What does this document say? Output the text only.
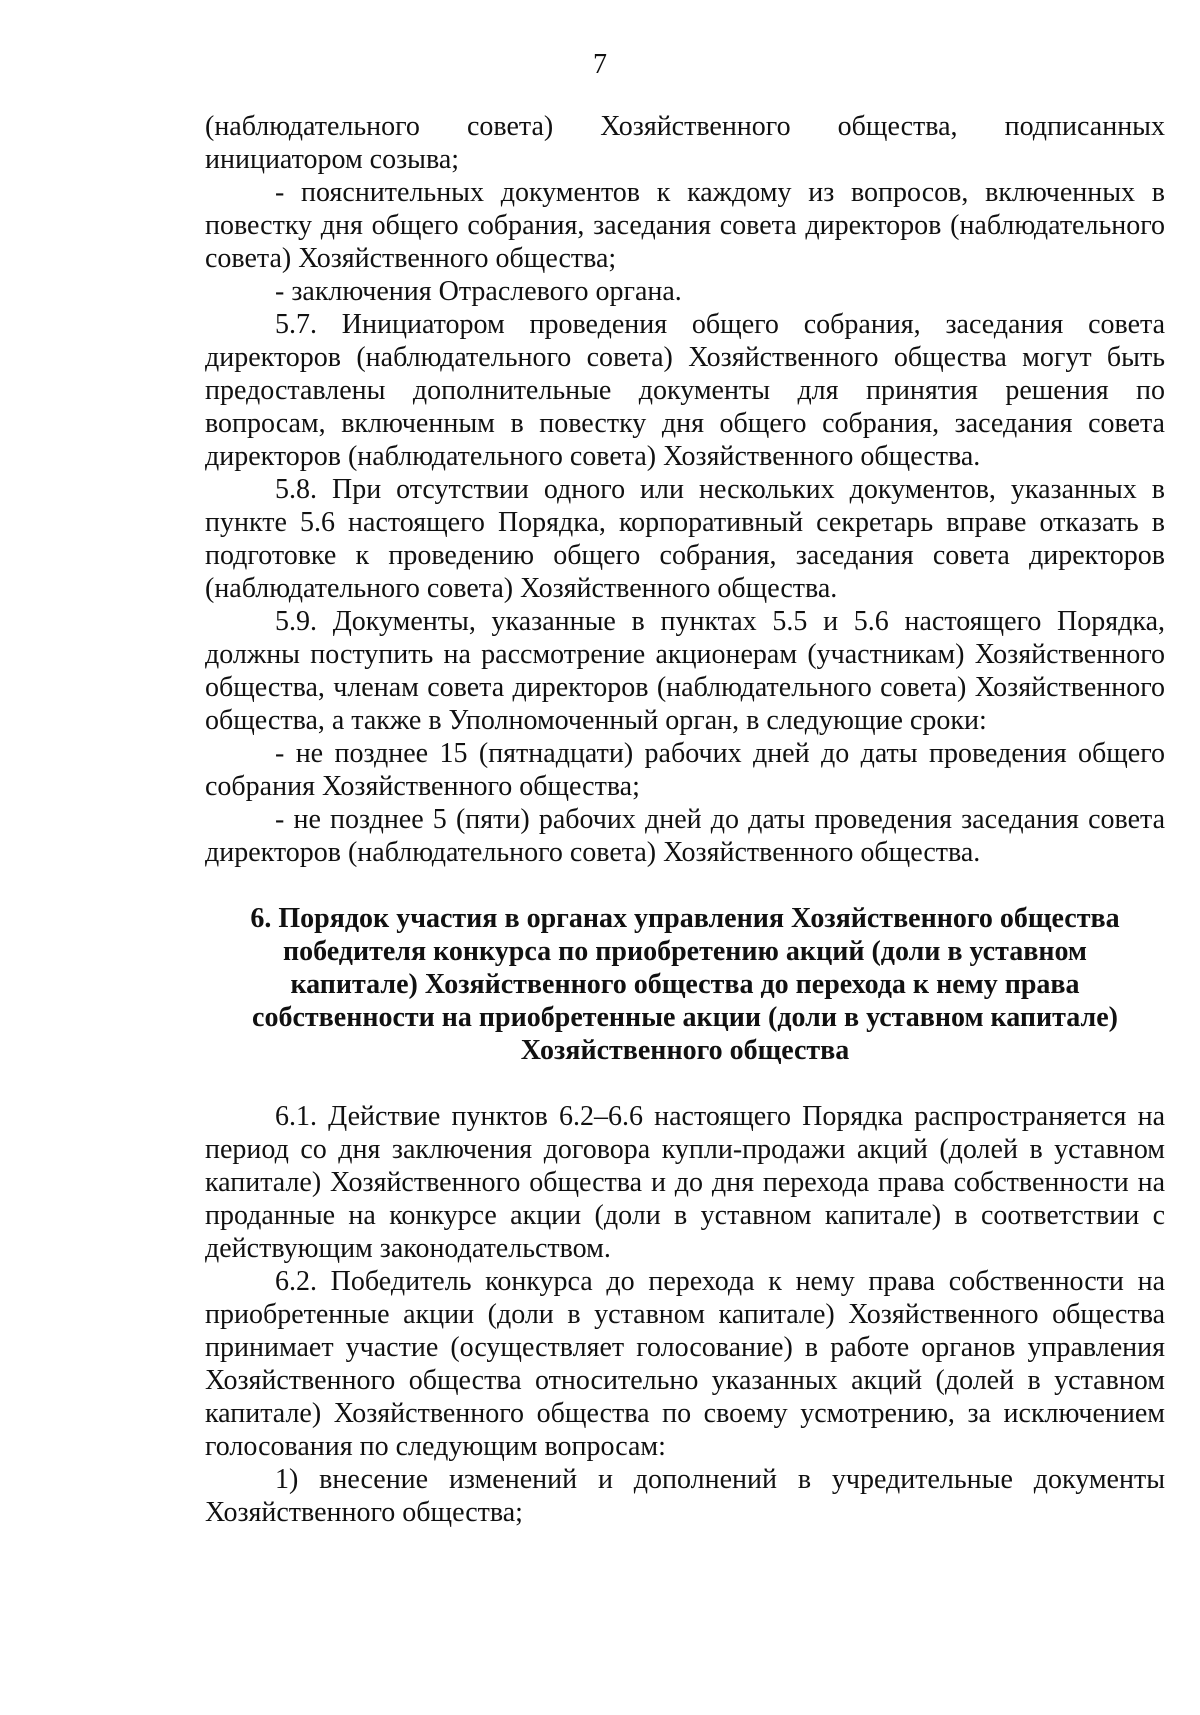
7

(наблюдательного совета) Хозяйственного общества, подписанных инициатором созыва;

- пояснительных документов к каждому из вопросов, включенных в повестку дня общего собрания, заседания совета директоров (наблюдательного совета) Хозяйственного общества;

- заключения Отраслевого органа.

5.7. Инициатором проведения общего собрания, заседания совета директоров (наблюдательного совета) Хозяйственного общества могут быть предоставлены дополнительные документы для принятия решения по вопросам, включенным в повестку дня общего собрания, заседания совета директоров (наблюдательного совета) Хозяйственного общества.

5.8. При отсутствии одного или нескольких документов, указанных в пункте 5.6 настоящего Порядка, корпоративный секретарь вправе отказать в подготовке к проведению общего собрания, заседания совета директоров (наблюдательного совета) Хозяйственного общества.

5.9. Документы, указанные в пунктах 5.5 и 5.6 настоящего Порядка, должны поступить на рассмотрение акционерам (участникам) Хозяйственного общества, членам совета директоров (наблюдательного совета) Хозяйственного общества, а также в Уполномоченный орган, в следующие сроки:

- не позднее 15 (пятнадцати) рабочих дней до даты проведения общего собрания Хозяйственного общества;

- не позднее 5 (пяти) рабочих дней до даты проведения заседания совета директоров (наблюдательного совета) Хозяйственного общества.

6. Порядок участия в органах управления Хозяйственного общества победителя конкурса по приобретению акций (доли в уставном капитале) Хозяйственного общества до перехода к нему права собственности на приобретенные акции (доли в уставном капитале) Хозяйственного общества

6.1. Действие пунктов 6.2–6.6 настоящего Порядка распространяется на период со дня заключения договора купли-продажи акций (долей в уставном капитале) Хозяйственного общества и до дня перехода права собственности на проданные на конкурсе акции (доли в уставном капитале) в соответствии с действующим законодательством.

6.2. Победитель конкурса до перехода к нему права собственности на приобретенные акции (доли в уставном капитале) Хозяйственного общества принимает участие (осуществляет голосование) в работе органов управления Хозяйственного общества относительно указанных акций (долей в уставном капитале) Хозяйственного общества по своему усмотрению, за исключением голосования по следующим вопросам:

1) внесение изменений и дополнений в учредительные документы Хозяйственного общества;
